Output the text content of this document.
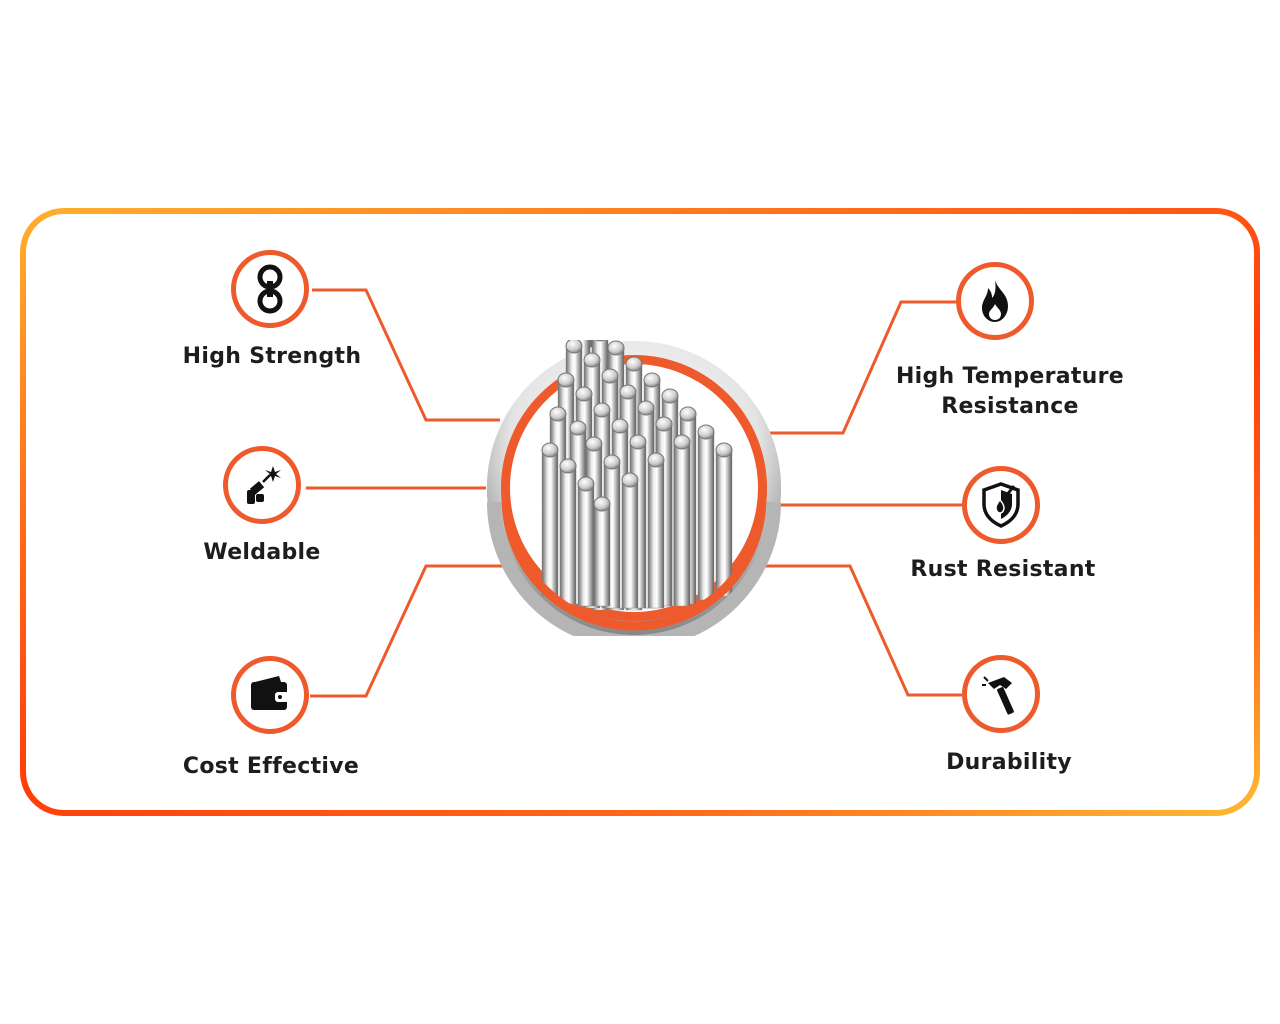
High Strength
Weldable
Cost Effective
High Temperature
Resistance
Rust Resistant
Durability
